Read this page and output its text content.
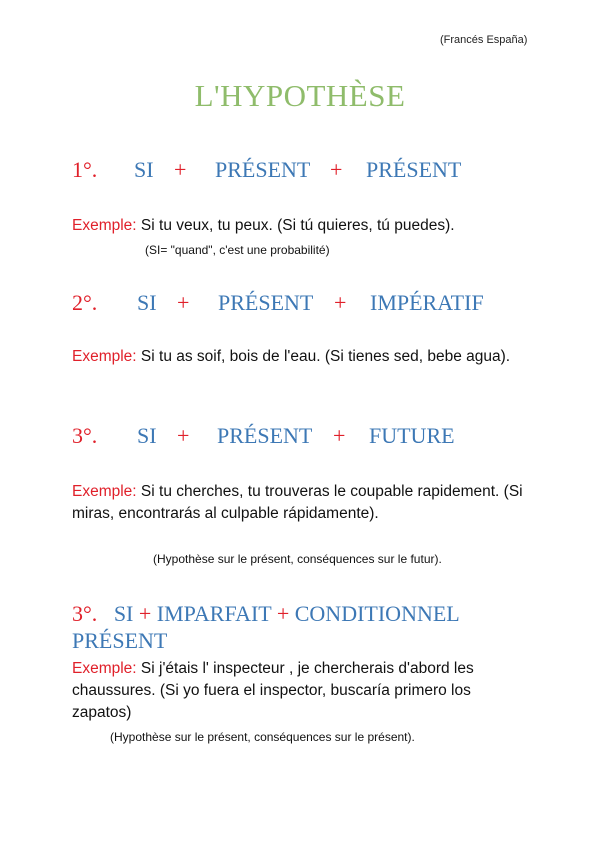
(Francés España)
L'HYPOTHÈSE
1°. SI + PRÉSENT + PRÉSENT
Exemple: Si tu veux, tu peux. (Si tú quieres, tú puedes).
(SI= "quand", c'est une probabilité)
2°. SI + PRÉSENT + IMPÉRATIF
Exemple: Si tu as soif, bois de l'eau. (Si tienes sed, bebe agua).
3°. SI + PRÉSENT + FUTURE
Exemple: Si tu cherches, tu trouveras le coupable rapidement. (Si miras, encontrarás al culpable rápidamente).
(Hypothèse sur le présent, conséquences sur le futur).
3°. SI + IMPARFAIT + CONDITIONNEL PRÉSENT
Exemple: Si j'étais l' inspecteur , je chercherais d'abord les chaussures. (Si yo fuera el inspector, buscaría primero los zapatos)
(Hypothèse sur le présent, conséquences sur le présent).
